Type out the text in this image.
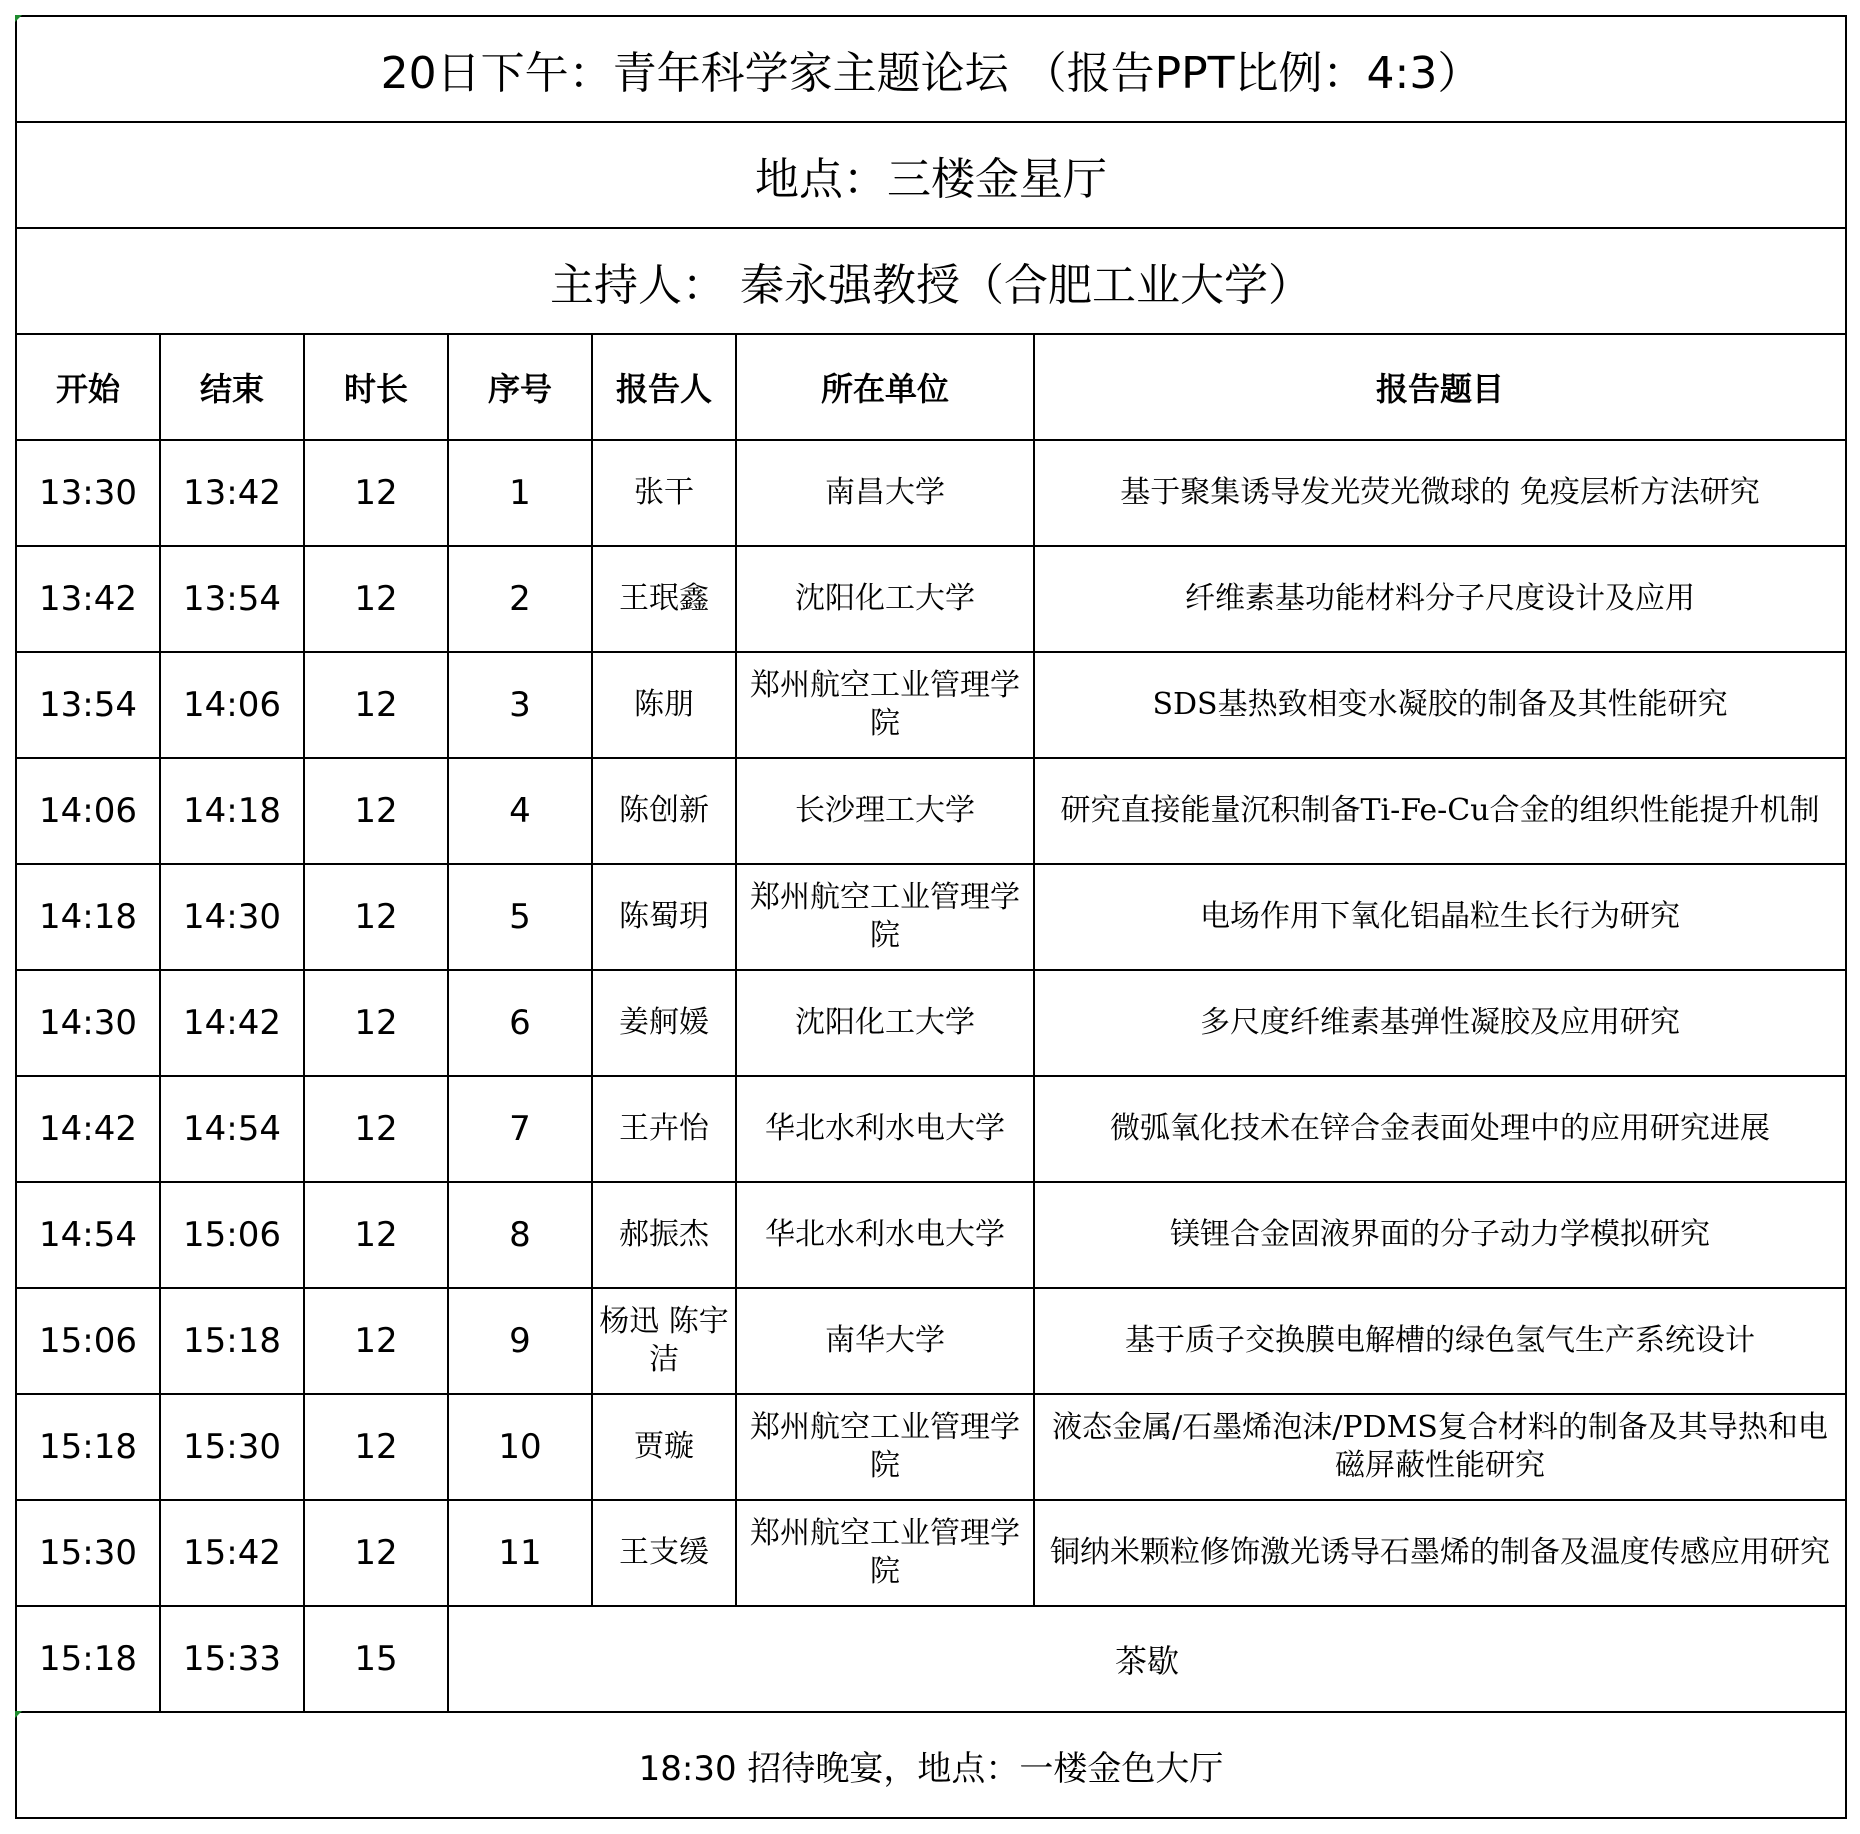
20日下午：青年科学家主题论坛 （报告PPT比例：4:3）						
地点：三楼金星厅						
主持人： 秦永强教授（合肥工业大学）						
开始	结束	时长	序号	报告人	所在单位	报告题目
13:30	13:42	12	1	张干	南昌大学	基于聚集诱导发光荧光微球的 免疫层析方法研究
13:42	13:54	12	2	王珉鑫	沈阳化工大学	纤维素基功能材料分子尺度设计及应用
13:54	14:06	12	3	陈朋	郑州航空工业管理学院	SDS基热致相变水凝胶的制备及其性能研究
14:06	14:18	12	4	陈创新	长沙理工大学	研究直接能量沉积制备Ti-Fe-Cu合金的组织性能提升机制
14:18	14:30	12	5	陈蜀玥	郑州航空工业管理学院	电场作用下氧化铝晶粒生长行为研究
14:30	14:42	12	6	姜舸媛	沈阳化工大学	多尺度纤维素基弹性凝胶及应用研究
14:42	14:54	12	7	王卉怡	华北水利水电大学	微弧氧化技术在锌合金表面处理中的应用研究进展
14:54	15:06	12	8	郝振杰	华北水利水电大学	镁锂合金固液界面的分子动力学模拟研究
15:06	15:18	12	9	杨迅 陈宇洁	南华大学	基于质子交换膜电解槽的绿色氢气生产系统设计
15:18	15:30	12	10	贾璇	郑州航空工业管理学院	液态金属/石墨烯泡沫/PDMS复合材料的制备及其导热和电磁屏蔽性能研究
15:30	15:42	12	11	王支缓	郑州航空工业管理学院	铜纳米颗粒修饰激光诱导石墨烯的制备及温度传感应用研究
15:18	15:33	15	茶歇			
18:30 招待晚宴，地点：一楼金色大厅						
